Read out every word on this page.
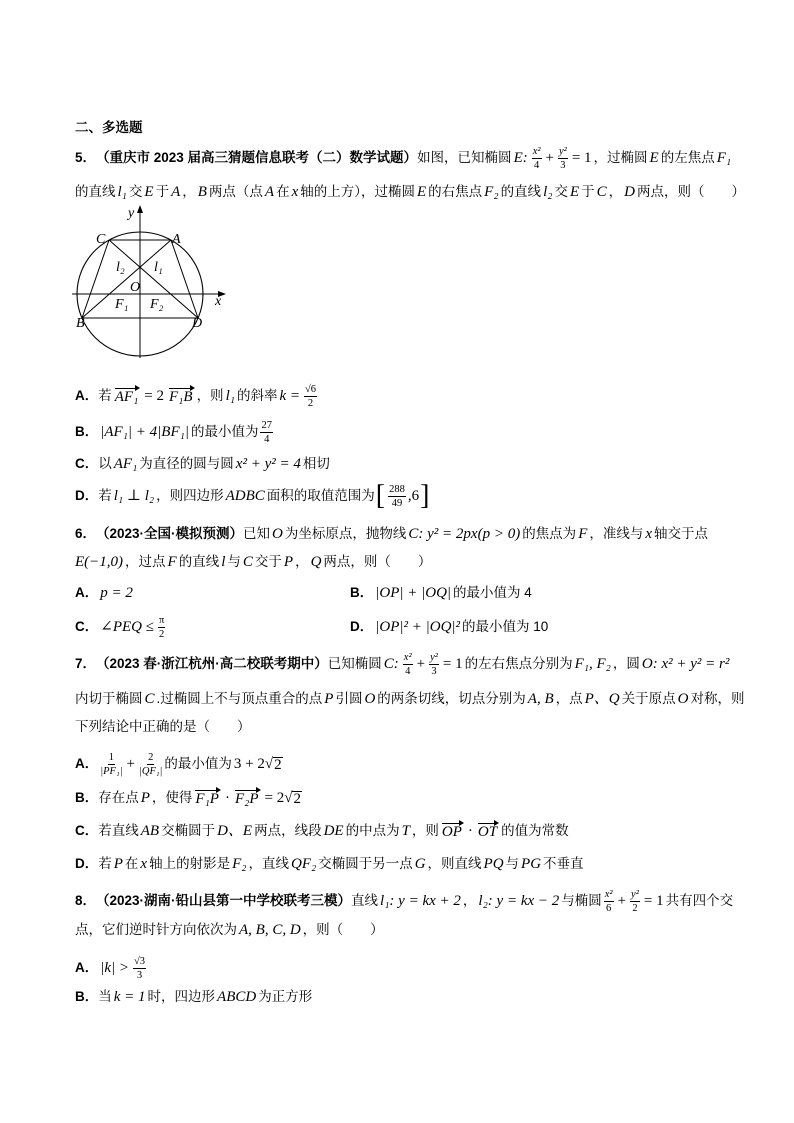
二、多选题
5． （重庆市 2023 届高三猜题信息联考（二）数学试题） 如图，已知椭圆 E: $\frac{\text{x²}}{4} + \frac{\text{y²}}{3} = 1$ ，过椭圆 E 的左焦点 F₁
的直线 l₁ 交 E 于 A ， B 两点（点 A 在 x 轴的上方），过椭圆 E 的右焦点 F₂ 的直线 l₂ 交 E 于 C ， D 两点，则（　　）
y
x
O
C	A
B	D
l₂ l₁
F₁ F₂
A． 若 AF₁ = 2 F₁B ，则 l₁ 的斜率 $k = \frac{√6}{2}$
B． |AF₁| + 4|BF₁| 的最小值为 $\frac{27}{4}$
C． 以 AF₁ 为直径的圆与圆 x² + y² = 4 相切
D． 若 l₁ ⊥ l₂ ，则四边形 ADBC 面积的取值范围为 [ $\frac{288}{49} ,6$ ]
6． （2023·全国·模拟预测） 已知 O 为坐标原点，抛物线 C: y² = 2px(p > 0) 的焦点为 F ，准线与 x 轴交于点
E(−1,0) ，过点 F 的直线 l 与 C 交于 P ， Q 两点，则（　　）
A． p = 2	B． |OP| + |OQ| 的最小值为 4
C． ∠PEQ ≤ $\frac{\pi}{2}$	D． |OP|² + |OQ|² 的最小值为 10
7． （2023 春·浙江杭州·高二校联考期中） 已知椭圆 C: $\frac{\text{x²}}{4} + \frac{\text{y²}}{3} = 1$ 的左右焦点分别为 F₁, F₂ ，圆 O: x² + y² = r²
内切于椭圆 C .过椭圆上不与顶点重合的点 P 引圆 O 的两条切线，切点分别为 A, B ，点 P、Q 关于原点 O 对称，则
下列结论中正确的是（　　）
A． $\frac{1}{\text{|PF₁|}} + \frac{2}{\text{|QF₁|}}$ 的最小值为 3 + 2√ 2
B． 存在点 P ，使得 F₁P · F₂P = 2√ 2
C． 若直线 AB 交椭圆于 D、E 两点，线段 DE 的中点为 T ，则 OP · OT 的值为常数
D． 若 P 在 x 轴上的射影是 F₂ ，直线 QF₂ 交椭圆于另一点 G ，则直线 PQ 与 PG 不垂直
8． （2023·湖南·铅山县第一中学校联考三模） 直线 l₁: y = kx + 2 ， l₂: y = kx − 2 与椭圆 $\frac{\text{x²}}{6} + \frac{\text{y²}}{2} = 1$ 共有四个交
点，它们逆时针方向依次为 A, B, C, D ，则（　　）
A． $|k| > \frac{√3}{3}$
B． 当 k = 1 时，四边形 ABCD 为正方形
